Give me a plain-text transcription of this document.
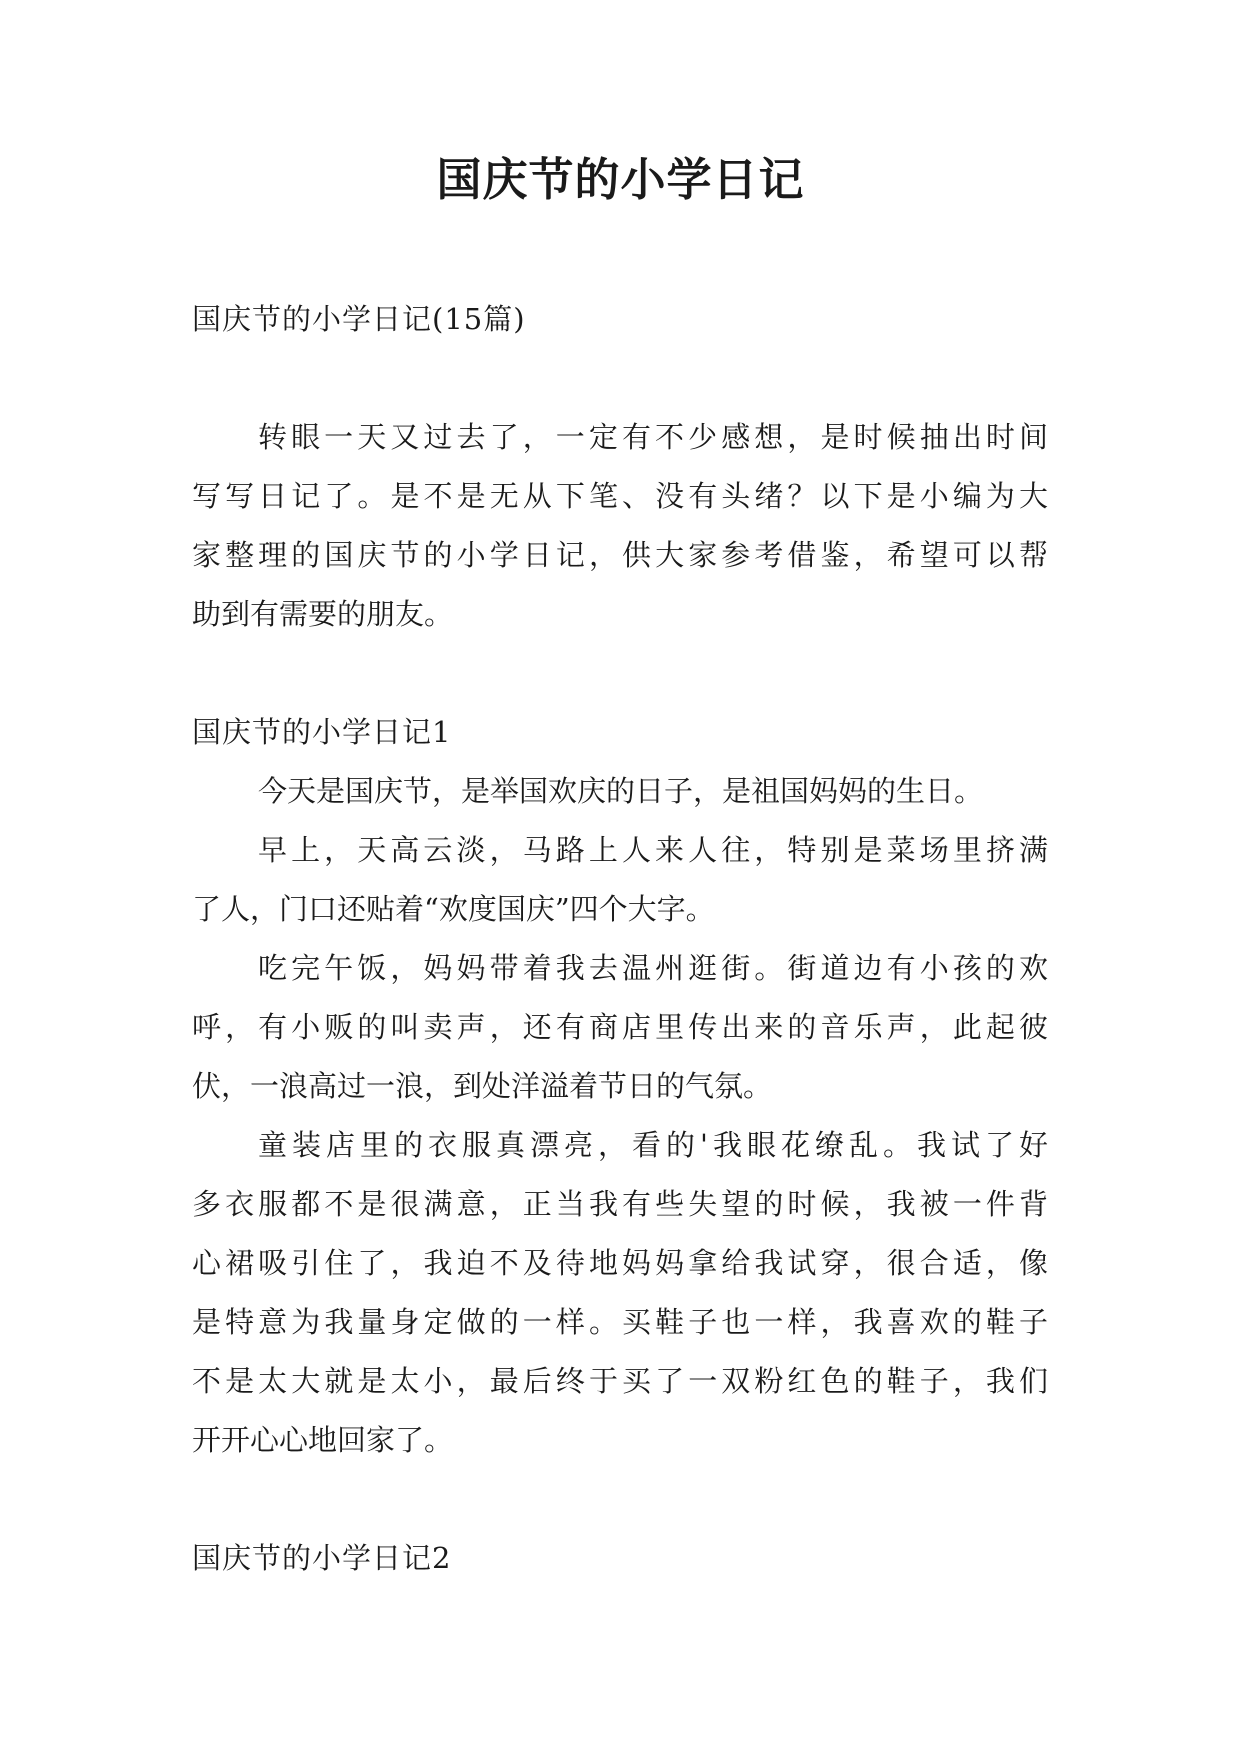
国庆节的小学日记
国庆节的小学日记(15篇)
转眼一天又过去了，一定有不少感想，是时候抽出时间
写写日记了。是不是无从下笔、没有头绪？以下是小编为大
家整理的国庆节的小学日记，供大家参考借鉴，希望可以帮
助到有需要的朋友。
国庆节的小学日记1
今天是国庆节，是举国欢庆的日子，是祖国妈妈的生日。
早上，天高云淡，马路上人来人往，特别是菜场里挤满
了人，门口还贴着“欢度国庆”四个大字。
吃完午饭，妈妈带着我去温州逛街。街道边有小孩的欢
呼，有小贩的叫卖声，还有商店里传出来的音乐声，此起彼
伏，一浪高过一浪，到处洋溢着节日的气氛。
童装店里的衣服真漂亮，看的'我眼花缭乱。我试了好
多衣服都不是很满意，正当我有些失望的时候，我被一件背
心裙吸引住了，我迫不及待地妈妈拿给我试穿，很合适，像
是特意为我量身定做的一样。买鞋子也一样，我喜欢的鞋子
不是太大就是太小，最后终于买了一双粉红色的鞋子，我们
开开心心地回家了。
国庆节的小学日记2
